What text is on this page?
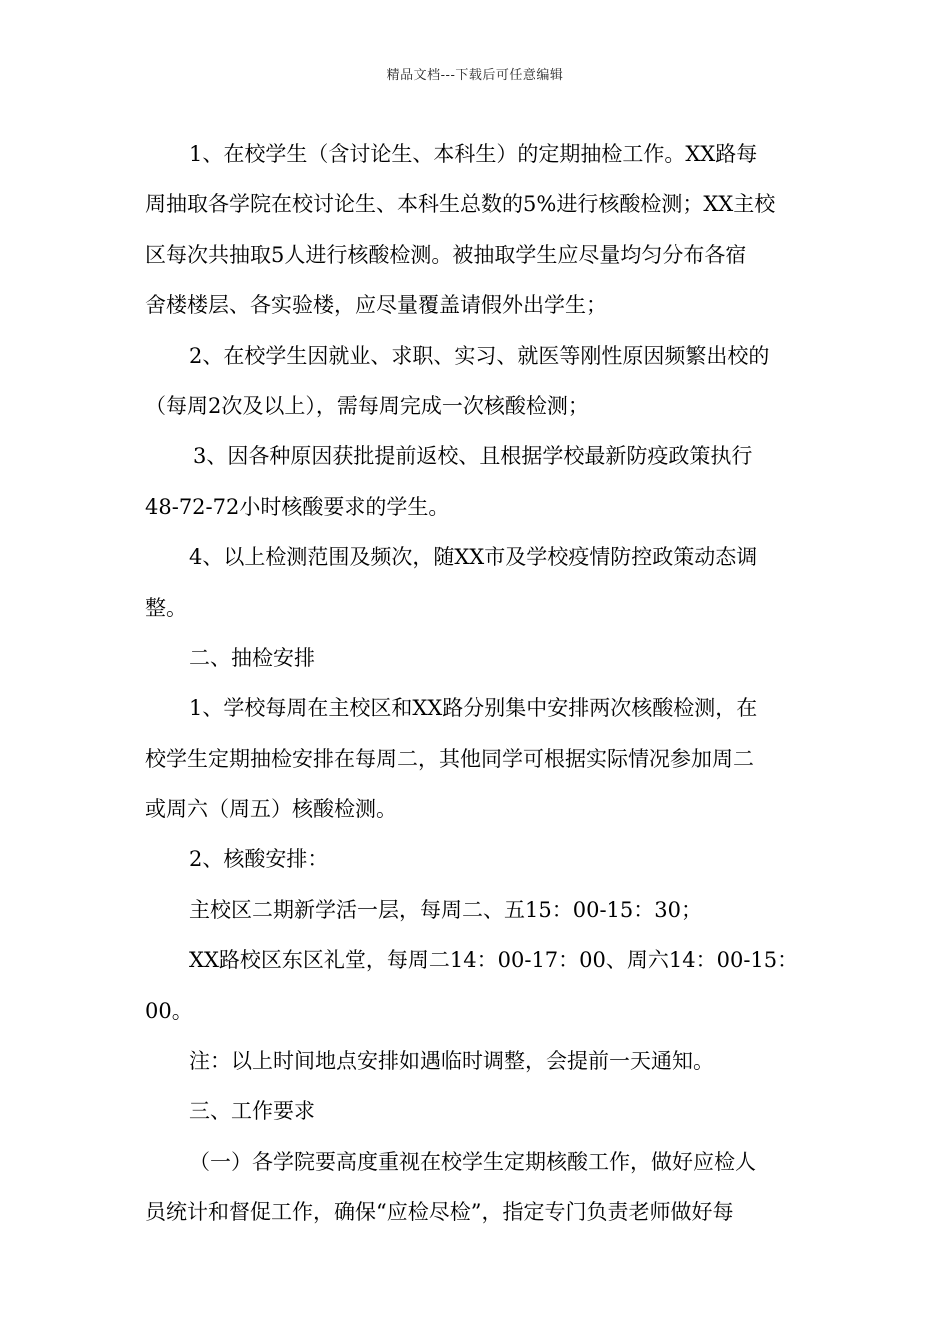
精品文档---下载后可任意编辑
1、在校学生（含讨论生、本科生）的定期抽检工作。XX路每
周抽取各学院在校讨论生、本科生总数的5%进行核酸检测；XX主校
区每次共抽取5人进行核酸检测。被抽取学生应尽量均匀分布各宿
舍楼楼层、各实验楼，应尽量覆盖请假外出学生；
2、在校学生因就业、求职、实习、就医等刚性原因频繁出校的
（每周2次及以上），需每周完成一次核酸检测；
3、因各种原因获批提前返校、且根据学校最新防疫政策执行
48-72-72小时核酸要求的学生。
4、以上检测范围及频次，随XX市及学校疫情防控政策动态调
整。
二、抽检安排
1、学校每周在主校区和XX路分别集中安排两次核酸检测，在
校学生定期抽检安排在每周二，其他同学可根据实际情况参加周二
或周六（周五）核酸检测。
2、核酸安排：
主校区二期新学活一层，每周二、五15：00-15：30；
XX路校区东区礼堂，每周二14：00-17：00、周六14：00-15：
00。
注：以上时间地点安排如遇临时调整，会提前一天通知。
三、工作要求
（一）各学院要高度重视在校学生定期核酸工作，做好应检人
员统计和督促工作，确保“应检尽检”，指定专门负责老师做好每
